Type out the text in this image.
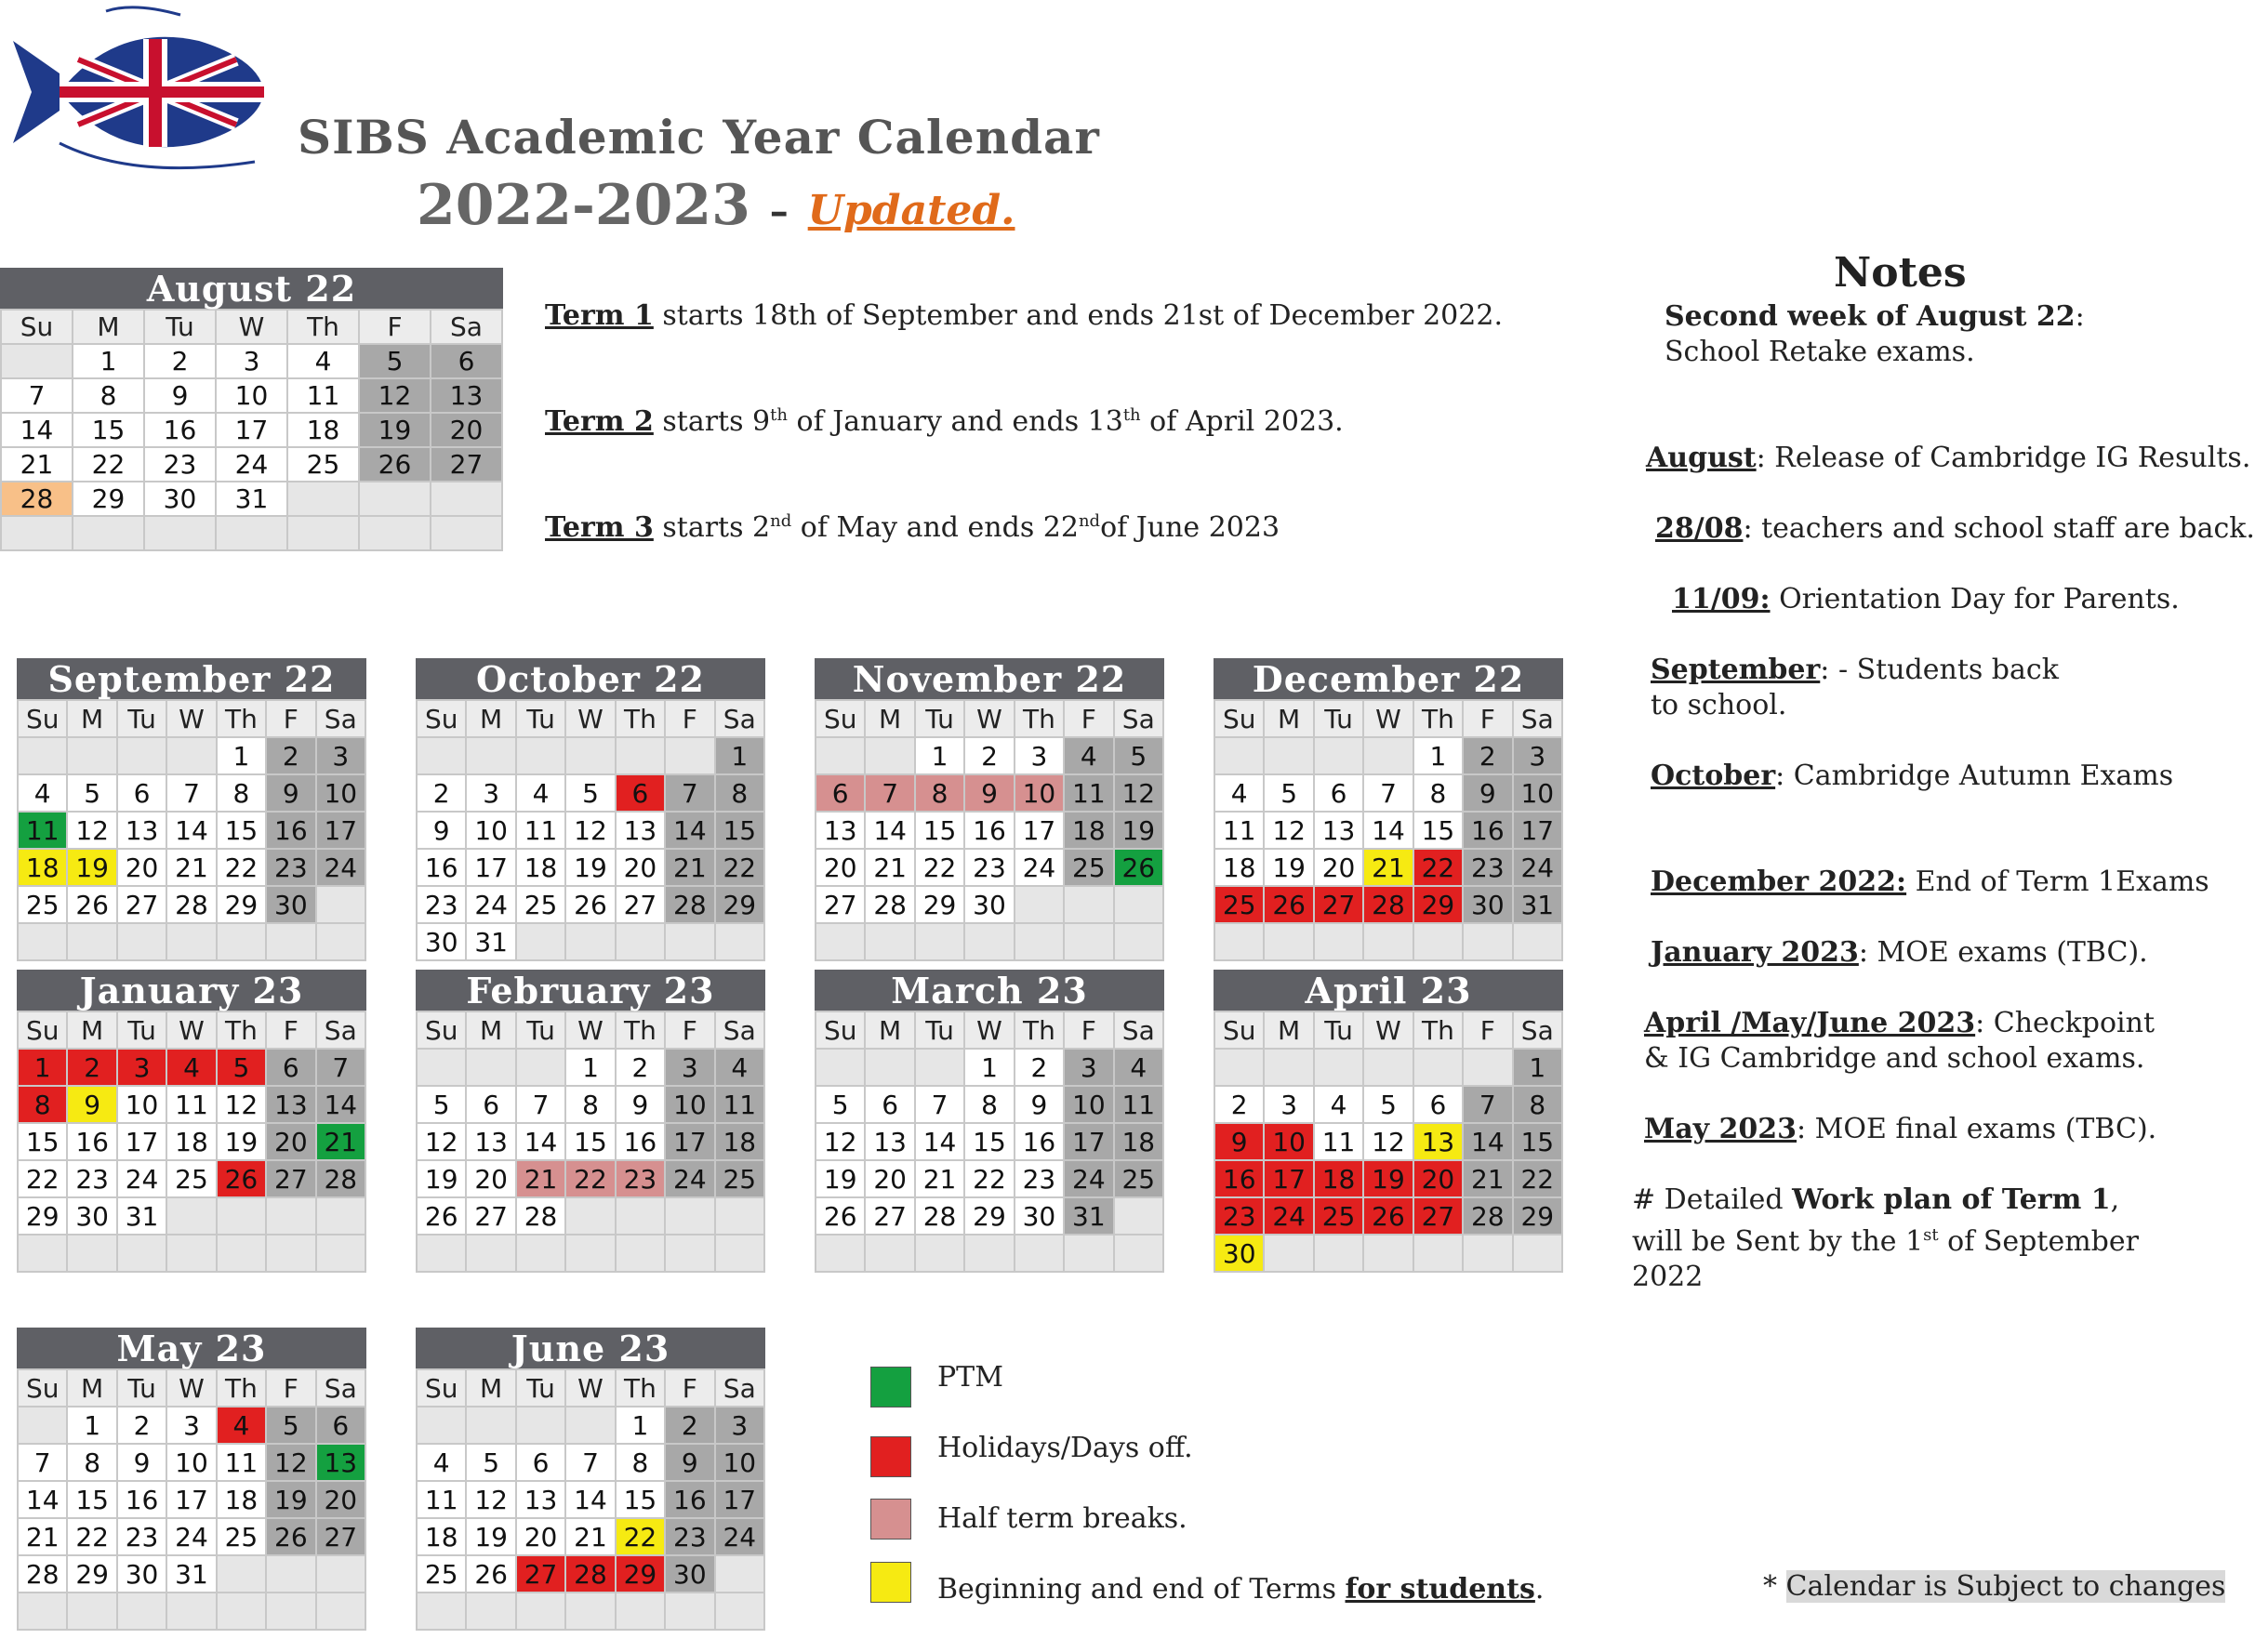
SIBS Academic Year Calendar
2022-2023 – Updated.
August 22
Su	M	Tu	W	Th	F	Sa
	1	2	3	4	5	6
7	8	9	10	11	12	13
14	15	16	17	18	19	20
21	22	23	24	25	26	27
28	29	30	31			

September 22
Su	M	Tu	W	Th	F	Sa
				1	2	3
4	5	6	7	8	9	10
11	12	13	14	15	16	17
18	19	20	21	22	23	24
25	26	27	28	29	30	

October 22
Su	M	Tu	W	Th	F	Sa
						1
2	3	4	5	6	7	8
9	10	11	12	13	14	15
16	17	18	19	20	21	22
23	24	25	26	27	28	29
30	31					
November 22
Su	M	Tu	W	Th	F	Sa
		1	2	3	4	5
6	7	8	9	10	11	12
13	14	15	16	17	18	19
20	21	22	23	24	25	26
27	28	29	30			

December 22
Su	M	Tu	W	Th	F	Sa
				1	2	3
4	5	6	7	8	9	10
11	12	13	14	15	16	17
18	19	20	21	22	23	24
25	26	27	28	29	30	31

January 23
Su	M	Tu	W	Th	F	Sa
1	2	3	4	5	6	7
8	9	10	11	12	13	14
15	16	17	18	19	20	21
22	23	24	25	26	27	28
29	30	31				

February 23
Su	M	Tu	W	Th	F	Sa
			1	2	3	4
5	6	7	8	9	10	11
12	13	14	15	16	17	18
19	20	21	22	23	24	25
26	27	28				

March 23
Su	M	Tu	W	Th	F	Sa
			1	2	3	4
5	6	7	8	9	10	11
12	13	14	15	16	17	18
19	20	21	22	23	24	25
26	27	28	29	30	31	

April 23
Su	M	Tu	W	Th	F	Sa
						1
2	3	4	5	6	7	8
9	10	11	12	13	14	15
16	17	18	19	20	21	22
23	24	25	26	27	28	29
30						
May 23
Su	M	Tu	W	Th	F	Sa
	1	2	3	4	5	6
7	8	9	10	11	12	13
14	15	16	17	18	19	20
21	22	23	24	25	26	27
28	29	30	31			

June 23
Su	M	Tu	W	Th	F	Sa
				1	2	3
4	5	6	7	8	9	10
11	12	13	14	15	16	17
18	19	20	21	22	23	24
25	26	27	28	29	30	

Term 1 starts 18th of September and ends 21st of December 2022.
Term 2 starts 9th of January and ends 13th of April 2023.
Term 3 starts 2nd of May and ends 22ndof June 2023
Notes
Second week of August 22: School Retake exams.
August: Release of Cambridge IG Results.
28/08: teachers and school staff are back.
11/09: Orientation Day for Parents.
September: - Students back to school.
October: Cambridge Autumn Exams
December 2022: End of Term 1Exams
January 2023: MOE exams (TBC).
April /May/June 2023: Checkpoint & IG Cambridge and school exams.
May 2023: MOE final exams (TBC).
# Detailed Work plan of Term 1, will be Sent by the 1st of September 2022
PTM
Holidays/Days off.
Half term breaks.
Beginning and end of Terms for students.	* Calendar is Subject to changes
